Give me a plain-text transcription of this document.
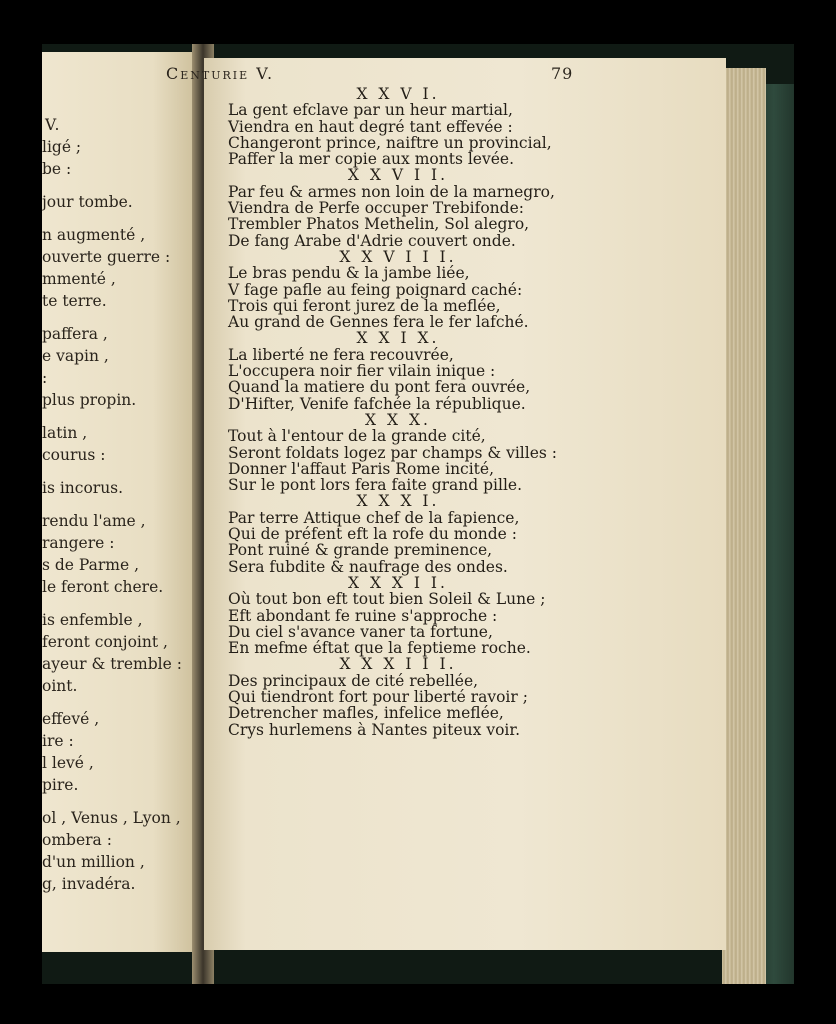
V.
ligé ;
be :
jour tombe.
n augmenté ,
ouverte guerre :
mmenté ,
te terre.
paffera ,
e vapin ,
:
plus propin.
latin ,
courus :
is incorus.
rendu l'ame ,
rangere :
s de Parme ,
le feront chere.
is enfemble ,
feront conjoint ,
ayeur & tremble :
oint.
effevé ,
ire :
l levé ,
pire.
ol , Venus , Lyon ,
ombera :
d'un million ,
g, invadéra.
Centurie V.	79
X X V I.
La gent efclave par un heur martial,
Viendra en haut degré tant effevée :
Changeront prince, naiftre un provincial,
Paffer la mer copie aux monts levée.
X X V I I.
Par feu & armes non loin de la marnegro,
Viendra de Perfe occuper Trebifonde:
Trembler Phatos Methelin, Sol alegro,
De fang Arabe d'Adrie couvert onde.
X X V I I I.
Le bras pendu & la jambe liée,
V fage pafle au feing poignard caché:
Trois qui feront jurez de la meflée,
Au grand de Gennes fera le fer lafché.
X X I X.
La liberté ne fera recouvrée,
L'occupera noir fier vilain inique :
Quand la matiere du pont fera ouvrée,
D'Hifter, Venife fafchée la république.
X X X.
Tout à l'entour de la grande cité,
Seront foldats logez par champs & villes :
Donner l'affaut Paris Rome incité,
Sur le pont lors fera faite grand pille.
X X X I.
Par terre Attique chef de la fapience,
Qui de préfent eft la rofe du monde :
Pont ruiné & grande preminence,
Sera fubdite & naufrage des ondes.
X X X I I.
Où tout bon eft tout bien Soleil & Lune ;
Eft abondant fe ruine s'approche :
Du ciel s'avance vaner ta fortune,
En mefme éftat que la feptieme roche.
X X X I I I.
Des principaux de cité rebellée,
Qui tiendront fort pour liberté ravoir ;
Detrencher mafles, infelice meflée,
Crys hurlemens à Nantes piteux voir.
